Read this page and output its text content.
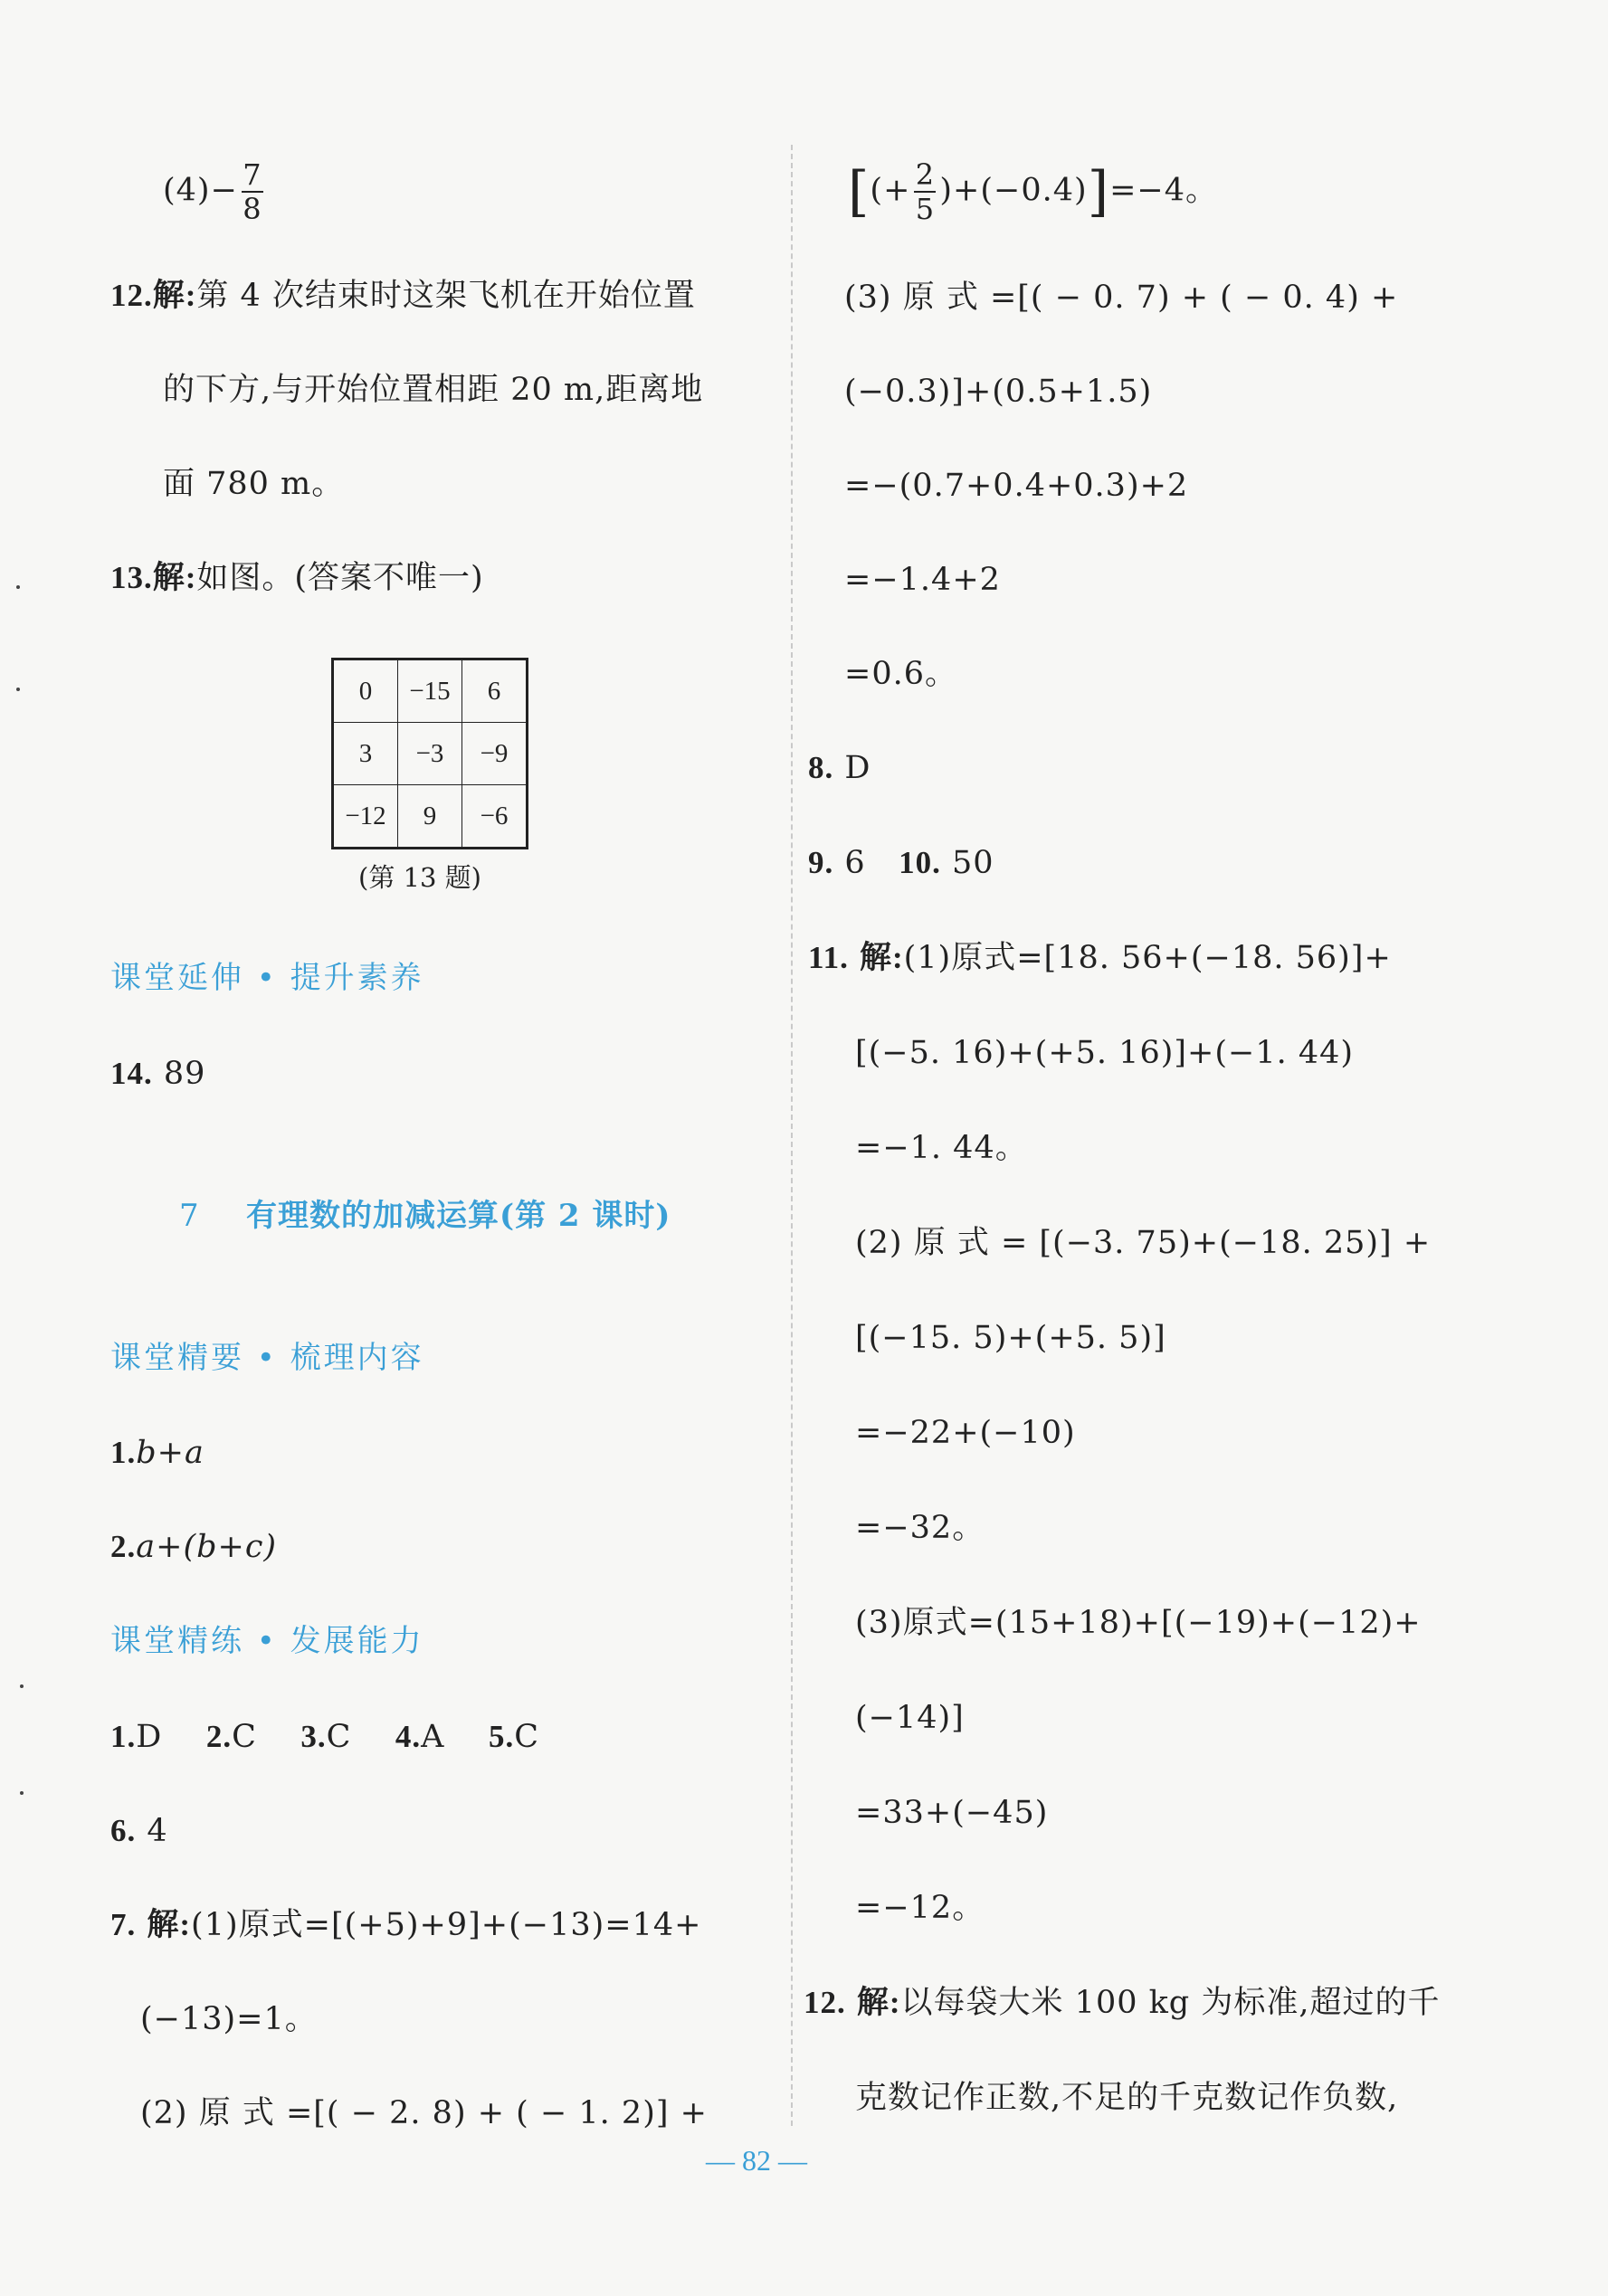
$(4)- \frac{7}{8}$
12.解:第 4 次结束时这架飞机在开始位置
的下方,与开始位置相距 20 m,距离地
面 780 m。
13.解:如图。(答案不唯一)
0	−15	6
3	−3	−9
−12	9	−6
(第 13 题)
课堂延伸 • 提升素养
14. 89
7 有理数的加减运算(第 2 课时)
课堂精要 • 梳理内容
1.b+a
2.a+(b+c)
课堂精练 • 发展能力
1.D 2.C 3.C 4.A 5.C
6. 4
7. 解:(1)原式=[(+5)+9]+(−13)=14+
(−13)=1。
(2) 原 式 =[( − 2. 8) + ( − 1. 2)] +
[(+ $\frac{2}{5} )+(-0.4)]=-4$。
(3) 原 式 =[( − 0. 7) + ( − 0. 4) +
(−0.3)]+(0.5+1.5)
=−(0.7+0.4+0.3)+2
=−1.4+2
=0.6。
8. D
9. 6 10. 50
11. 解:(1)原式=[18. 56+(−18. 56)]+
[(−5. 16)+(+5. 16)]+(−1. 44)
=−1. 44。
(2) 原 式 = [(−3. 75)+(−18. 25)] +
[(−15. 5)+(+5. 5)]
=−22+(−10)
=−32。
(3)原式=(15+18)+[(−19)+(−12)+
(−14)]
=33+(−45)
=−12。
12. 解:以每袋大米 100 kg 为标准,超过的千
克数记作正数,不足的千克数记作负数,
— 82 —
